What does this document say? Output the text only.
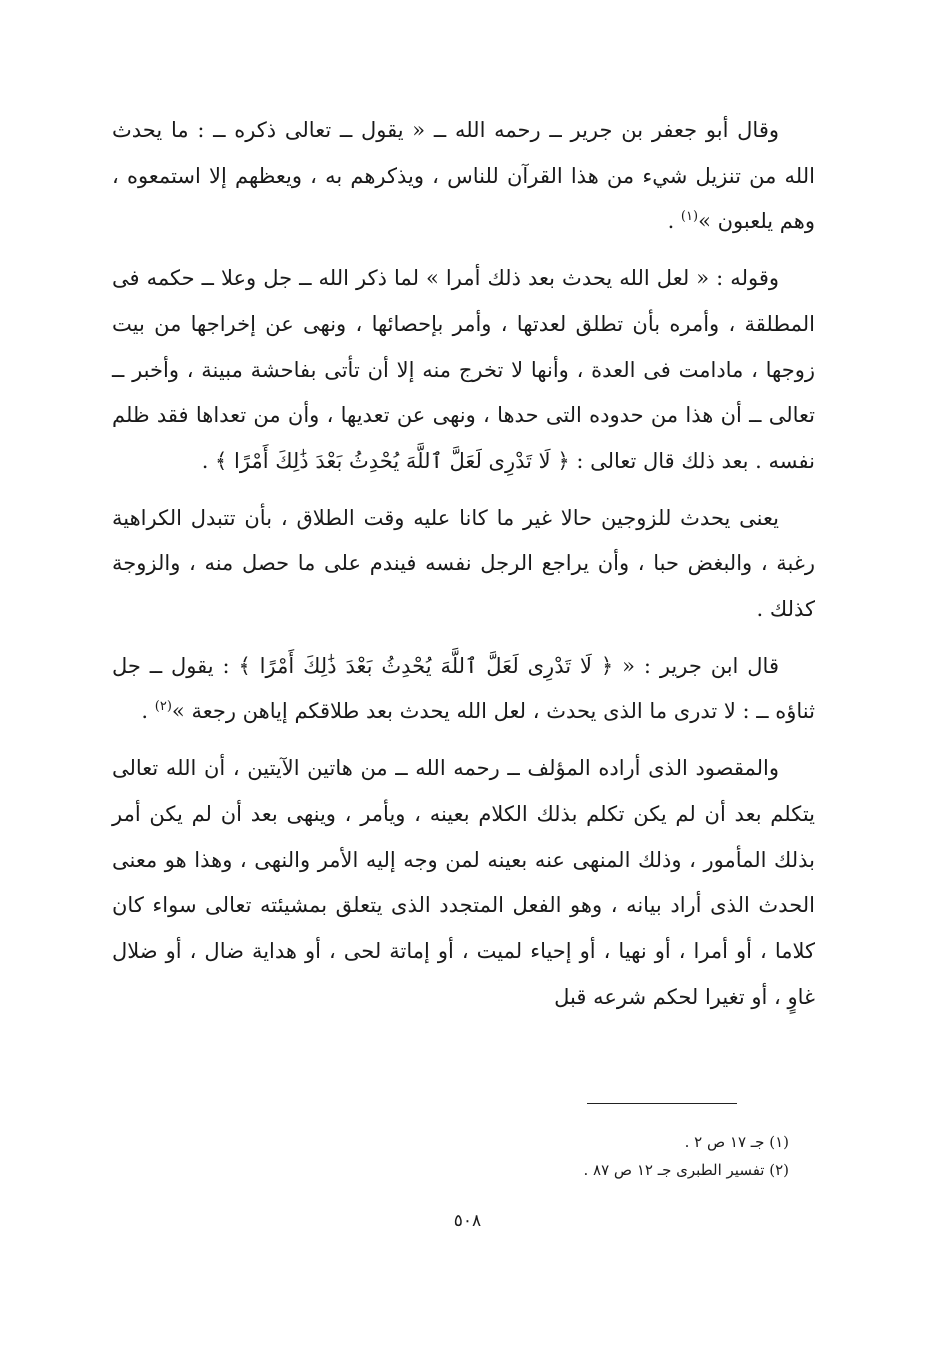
وقال أبو جعفر بن جرير ــ رحمه الله ــ « يقول ــ تعالى ذكره ــ : ما يحدث الله من تنزيل شيء من هذا القرآن للناس ، ويذكرهم به ، ويعظهم إلا استمعوه ، وهم يلعبون »$^{(١)}$ .

وقوله : « لعل الله يحدث بعد ذلك أمرا » لما ذكر الله ــ جل وعلا ــ حكمه فى المطلقة ، وأمره بأن تطلق لعدتها ، وأمر بإحصائها ، ونهى عن إخراجها من بيت زوجها ، مادامت فى العدة ، وأنها لا تخرج منه إلا أن تأتى بفاحشة مبينة ، وأخبر ــ تعالى ــ أن هذا من حدوده التى حدها ، ونهى عن تعديها ، وأن من تعداها فقد ظلم نفسه . بعد ذلك قال تعالى : ﴿ لَا تَدْرِى لَعَلَّ ٱللَّهَ يُحْدِثُ بَعْدَ ذَٰلِكَ أَمْرًا ﴾ .

يعنى يحدث للزوجين حالا غير ما كانا عليه وقت الطلاق ، بأن تتبدل الكراهية رغبة ، والبغض حبا ، وأن يراجع الرجل نفسه فيندم على ما حصل منه ، والزوجة كذلك .

قال ابن جرير : « ﴿ لَا تَدْرِى لَعَلَّ ٱللَّهَ يُحْدِثُ بَعْدَ ذَٰلِكَ أَمْرًا ﴾ : يقول ــ جل ثناؤه ــ : لا تدرى ما الذى يحدث ، لعل الله يحدث بعد طلاقكم إياهن رجعة »$^{(٢)}$ .

والمقصود الذى أراده المؤلف ــ رحمه الله ــ من هاتين الآيتين ، أن الله تعالى يتكلم بعد أن لم يكن تكلم بذلك الكلام بعينه ، ويأمر ، وينهى بعد أن لم يكن أمر بذلك المأمور ، وذلك المنهى عنه بعينه لمن وجه إليه الأمر والنهى ، وهذا هو معنى الحدث الذى أراد بيانه ، وهو الفعل المتجدد الذى يتعلق بمشيئته تعالى سواء كان كلاما ، أو أمرا ، أو نهيا ، أو إحياء لميت ، أو إماتة لحى ، أو هداية ضال ، أو ضلال غاوٍ ، أو تغيرا لحكم شرعه قبل

(١) جـ ١٧ ص ٢ .

(٢) تفسير الطبرى جـ ١٢ ص ٨٧ .

٥٠٨
